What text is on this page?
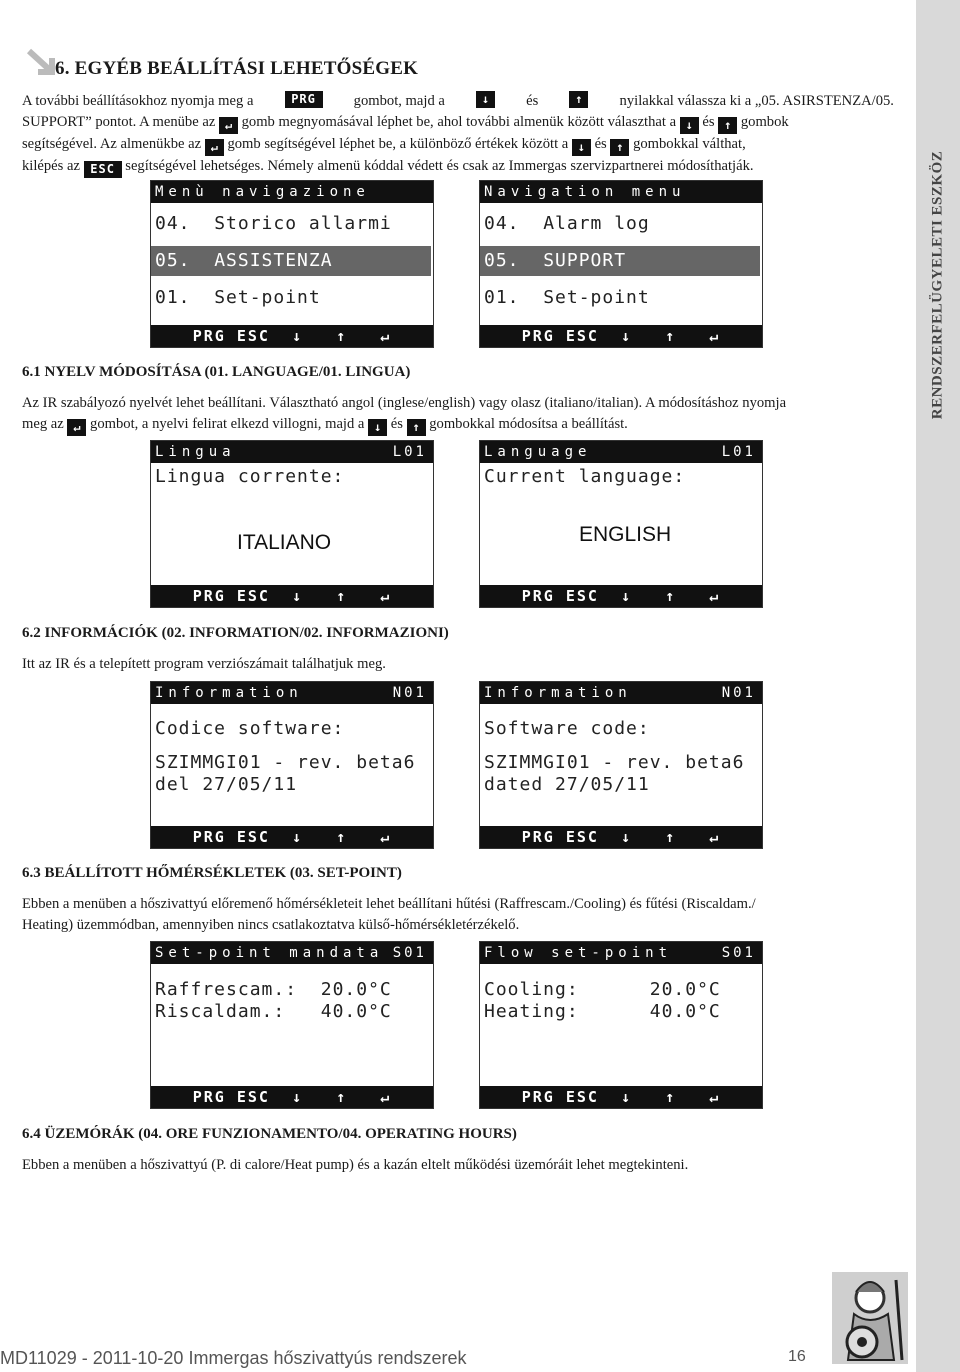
RENDSZERFELÜGYELETI ESZKÖZ
6. EGYÉB BEÁLLÍTÁSI LEHETŐSÉGEK
A további beállításokhoz nyomja meg a	PRG	gombot, majd a	↓	és	↑	nyilakkal válassza ki a „05. ASIRSTENZA/05.
SUPPORT” pontot. A menübe az ↵ gomb megnyomásával léphet be, ahol további almenük között választhat a ↓ és ↑ gombok
segítségével. Az almenükbe az ↵ gomb segítségével léphet be, a különböző értékek között a ↓ és ↑ gombokkal válthat,
kilépés az ESC segítségével lehetséges. Némely almenü kóddal védett és csak az Immergas szervizpartnerei módosíthatják.
Menù navigazione
04. Storico allarmi
05. ASSISTENZA
01. Set-point
PRG ESC  ↓   ↑   ↵
Navigation menu
04. Alarm log
05. SUPPORT
01. Set-point
PRG ESC  ↓   ↑   ↵
6.1 NYELV MÓDOSÍTÁSA (01. LANGUAGE/01. LINGUA)
Az IR szabályozó nyelvét lehet beállítani. Választható angol (inglese/english) vagy olasz (italiano/italian). A módosításhoz nyomja
meg az ↵ gombot, a nyelvi felirat elkezd villogni, majd a ↓ és ↑ gombokkal módosítsa a beállítást.
Lingua	L01
Lingua corrente:
ITALIANO
PRG ESC  ↓   ↑   ↵
Language	L01
Current language:
ENGLISH
PRG ESC  ↓   ↑   ↵
6.2 INFORMÁCIÓK (02. INFORMATION/02. INFORMAZIONI)
Itt az IR és a telepített program verziószámait találhatjuk meg.
Information	N01
Codice software:
SZIMMGI01 - rev. beta6
del 27/05/11
PRG ESC  ↓   ↑   ↵
Information	N01
Software code:
SZIMMGI01 - rev. beta6
dated 27/05/11
PRG ESC  ↓   ↑   ↵
6.3 BEÁLLÍTOTT HŐMÉRSÉKLETEK (03. SET-POINT)
Ebben a menüben a hőszivattyú előremenő hőmérsékleteit lehet beállítani hűtési (Raffrescam./Cooling) és fűtési (Riscaldam./
Heating) üzemmódban, amennyiben nincs csatlakoztatva külső-hőmérsékletérzékelő.
Set-point mandata S01
Raffrescam.: 20.0°C
Riscaldam.: 40.0°C
PRG ESC  ↓   ↑   ↵
Flow set-point	S01
Cooling:	20.0°C
Heating:	40.0°C
PRG ESC  ↓   ↑   ↵
6.4 ÜZEMÓRÁK (04. ORE FUNZIONAMENTO/04. OPERATING HOURS)
Ebben a menüben a hőszivattyú (P. di calore/Heat pump) és a kazán eltelt működési üzemóráit lehet megtekinteni.
MD11029 - 2011-10-20 Immergas hőszivattyús rendszerek	16
